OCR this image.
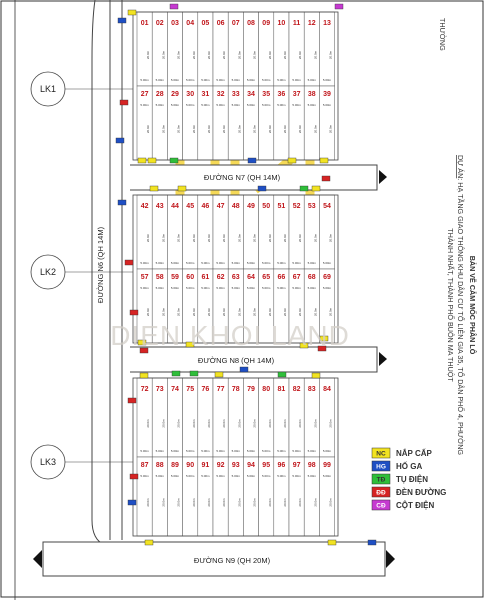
ĐƯỜNG N6 (QH 14M)
ĐƯỜNG N7 (QH 14M)
ĐƯỜNG N8 (QH 14M)
ĐƯỜNG N9 (QH 20M)
01
5.00m
20.0m
02
5.00m
20.0m
03
5.00m
20.0m
04
5.00m
20.0m
05
5.00m
20.0m
06
5.00m
20.0m
07
5.00m
20.0m
08
5.00m
20.0m
09
5.00m
20.0m
10
5.00m
20.0m
11
5.00m
20.0m
12
5.00m
20.0m
13
5.00m
20.0m
27
5.00m
20.0m
28
5.00m
20.0m
29
5.00m
20.0m
30
5.00m
20.0m
31
5.00m
20.0m
32
5.00m
20.0m
33
5.00m
20.0m
34
5.00m
20.0m
35
5.00m
20.0m
36
5.00m
20.0m
37
5.00m
20.0m
38
5.00m
20.0m
39
5.00m
20.0m
42
5.00m
20.0m
43
5.00m
20.0m
44
5.00m
20.0m
45
5.00m
20.0m
46
5.00m
20.0m
47
5.00m
20.0m
48
5.00m
20.0m
49
5.00m
20.0m
50
5.00m
20.0m
51
5.00m
20.0m
52
5.00m
20.0m
53
5.00m
20.0m
54
5.00m
20.0m
57
5.00m
20.0m
58
5.00m
20.0m
59
5.00m
20.0m
60
5.00m
20.0m
61
5.00m
20.0m
62
5.00m
20.0m
63
5.00m
20.0m
64
5.00m
20.0m
65
5.00m
20.0m
66
5.00m
20.0m
67
5.00m
20.0m
68
5.00m
20.0m
69
5.00m
20.0m
72
5.00m
20.0m
73
5.00m
20.0m
74
5.00m
20.0m
75
5.00m
20.0m
76
5.00m
20.0m
77
5.00m
20.0m
78
5.00m
20.0m
79
5.00m
20.0m
80
5.00m
20.0m
81
5.00m
20.0m
82
5.00m
20.0m
83
5.00m
20.0m
84
5.00m
20.0m
87
5.00m
20.0m
88
5.00m
20.0m
89
5.00m
20.0m
90
5.00m
20.0m
91
5.00m
20.0m
92
5.00m
20.0m
93
5.00m
20.0m
94
5.00m
20.0m
95
5.00m
20.0m
96
5.00m
20.0m
97
5.00m
20.0m
98
5.00m
20.0m
99
5.00m
20.0m
LK1
LK2
LK3
DIEN KHOI LAND	BẢN VẼ CẮM MỐC PHÂN LÔ
DỰ ÁN: HẠ TẦNG GIAO THÔNG KHU DÂN CƯ TỔ LIÊN GIA 35, TỔ DÂN PHỐ 4, PHƯỜNG
THÀNH NHẤT, THÀNH PHỐ BUÔN MA THUỘT
THƯỜNG
NC NẮP CẤP
HG HỐ GA
TĐ TỤ ĐIỆN
ĐĐ ĐÈN ĐƯỜNG
CĐ CỘT ĐIỆN
